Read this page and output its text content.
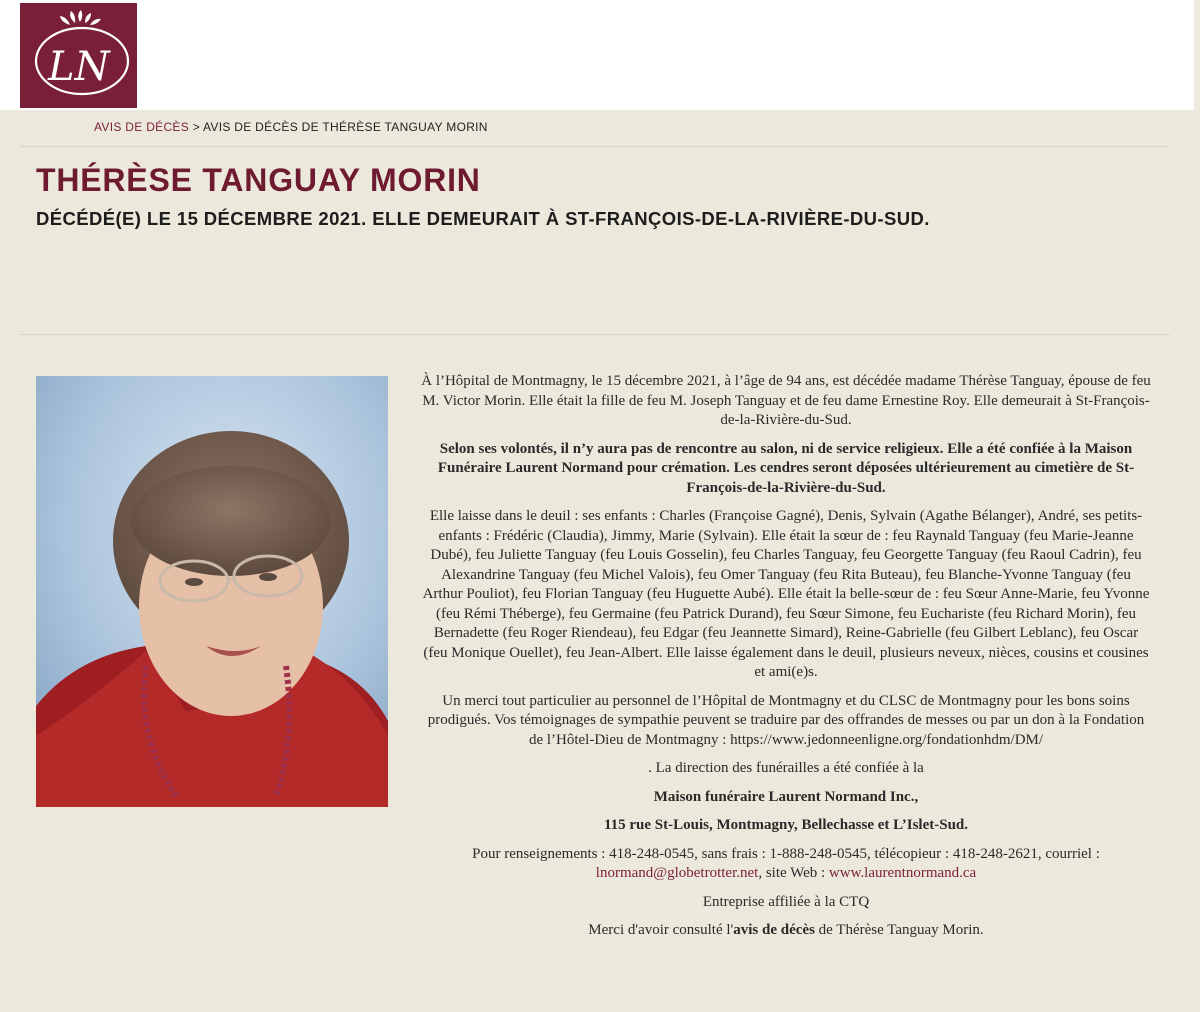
LN
AVIS DE DÉCÈS > AVIS DE DÉCÈS DE THÉRÈSE TANGUAY MORIN
THÉRÈSE TANGUAY MORIN
DÉCÉDÉ(E) LE 15 DÉCEMBRE 2021. ELLE DEMEURAIT À ST-FRANÇOIS-DE-LA-RIVIÈRE-DU-SUD.

À l’Hôpital de Montmagny, le 15 décembre 2021, à l’âge de 94 ans, est décédée madame Thérèse Tanguay, épouse de feu M. Victor Morin. Elle était la fille de feu M. Joseph Tanguay et de feu dame Ernestine Roy. Elle demeurait à St-François-de-la-Rivière-du-Sud.

Selon ses volontés, il n’y aura pas de rencontre au salon, ni de service religieux. Elle a été confiée à la Maison Funéraire Laurent Normand pour crémation. Les cendres seront déposées ultérieurement au cimetière de St-François-de-la-Rivière-du-Sud.

Elle laisse dans le deuil : ses enfants : Charles (Françoise Gagné), Denis, Sylvain (Agathe Bélanger), André, ses petits-enfants : Frédéric (Claudia), Jimmy, Marie (Sylvain). Elle était la sœur de : feu Raynald Tanguay (feu Marie-Jeanne Dubé), feu Juliette Tanguay (feu Louis Gosselin), feu Charles Tanguay, feu Georgette Tanguay (feu Raoul Cadrin), feu Alexandrine Tanguay (feu Michel Valois), feu Omer Tanguay (feu Rita Buteau), feu Blanche-Yvonne Tanguay (feu Arthur Pouliot), feu Florian Tanguay (feu Huguette Aubé). Elle était la belle-sœur de : feu Sœur Anne-Marie, feu Yvonne (feu Rémi Théberge), feu Germaine (feu Patrick Durand), feu Sœur Simone, feu Euchariste (feu Richard Morin), feu Bernadette (feu Roger Riendeau), feu Edgar (feu Jeannette Simard), Reine-Gabrielle (feu Gilbert Leblanc), feu Oscar (feu Monique Ouellet), feu Jean-Albert. Elle laisse également dans le deuil, plusieurs neveux, nièces, cousins et cousines et ami(e)s.

Un merci tout particulier au personnel de l’Hôpital de Montmagny et du CLSC de Montmagny pour les bons soins prodigués. Vos témoignages de sympathie peuvent se traduire par des offrandes de messes ou par un don à la Fondation de l’Hôtel-Dieu de Montmagny : https://www.jedonneenligne.org/fondationhdm/DM/

. La direction des funérailles a été confiée à la

Maison funéraire Laurent Normand Inc.,

115 rue St-Louis, Montmagny, Bellechasse et L’Islet-Sud.

Pour renseignements : 418-248-0545, sans frais : 1-888-248-0545, télécopieur : 418-248-2621, courriel : lnormand@globetrotter.net, site Web : www.laurentnormand.ca

Entreprise affiliée à la CTQ

Merci d'avoir consulté l'avis de décès de Thérèse Tanguay Morin.
